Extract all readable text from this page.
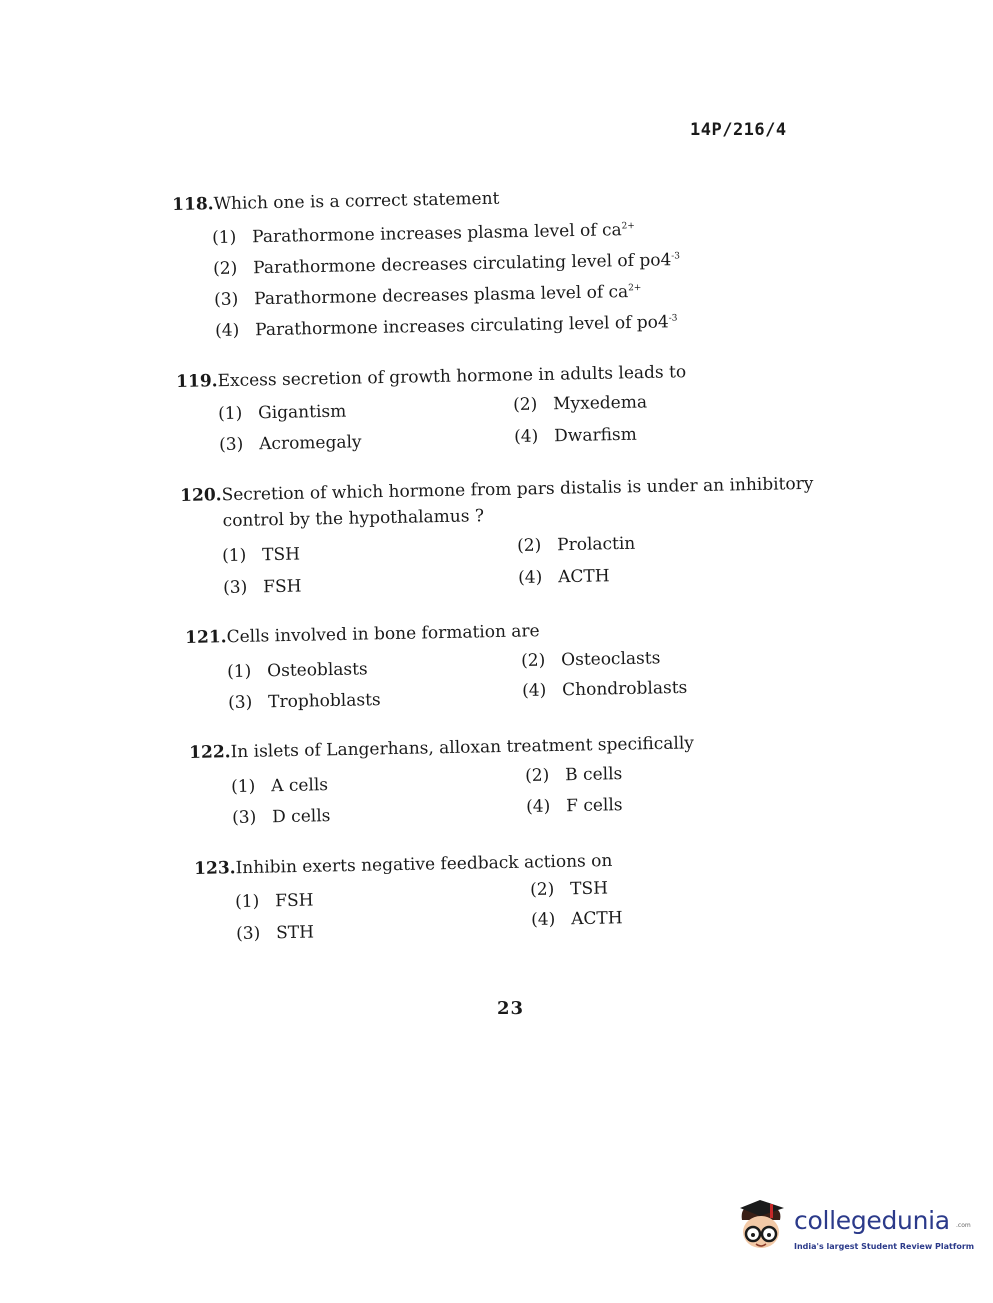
14P/216/4
118.Which one is a correct statement
(1) Parathormone increases plasma level of $ca^{2+}$
(2) Parathormone decreases circulating level of $po4^{-3}$
(3) Parathormone decreases plasma level of $ca^{2+}$
(4) Parathormone increases circulating level of $po4^{-3}$
119.Excess secretion of growth hormone in adults leads to
(1) Gigantism	(2) Myxedema
(3) Acromegaly	(4) Dwarfism
120.Secretion of which hormone from pars distalis is under an inhibitory
control by the hypothalamus ?
(1) TSH	(2) Prolactin
(3) FSH	(4) ACTH
121.Cells involved in bone formation are
(1) Osteoblasts	(2) Osteoclasts
(3) Trophoblasts	(4) Chondroblasts
122.In islets of Langerhans, alloxan treatment specifically
(1) A cells	(2) B cells
(3) D cells	(4) F cells
123.Inhibin exerts negative feedback actions on
(1) FSH
(2) TSH
(3) STH
(4) ACTH
23
collegedunia .com
India's largest Student Review Platform
